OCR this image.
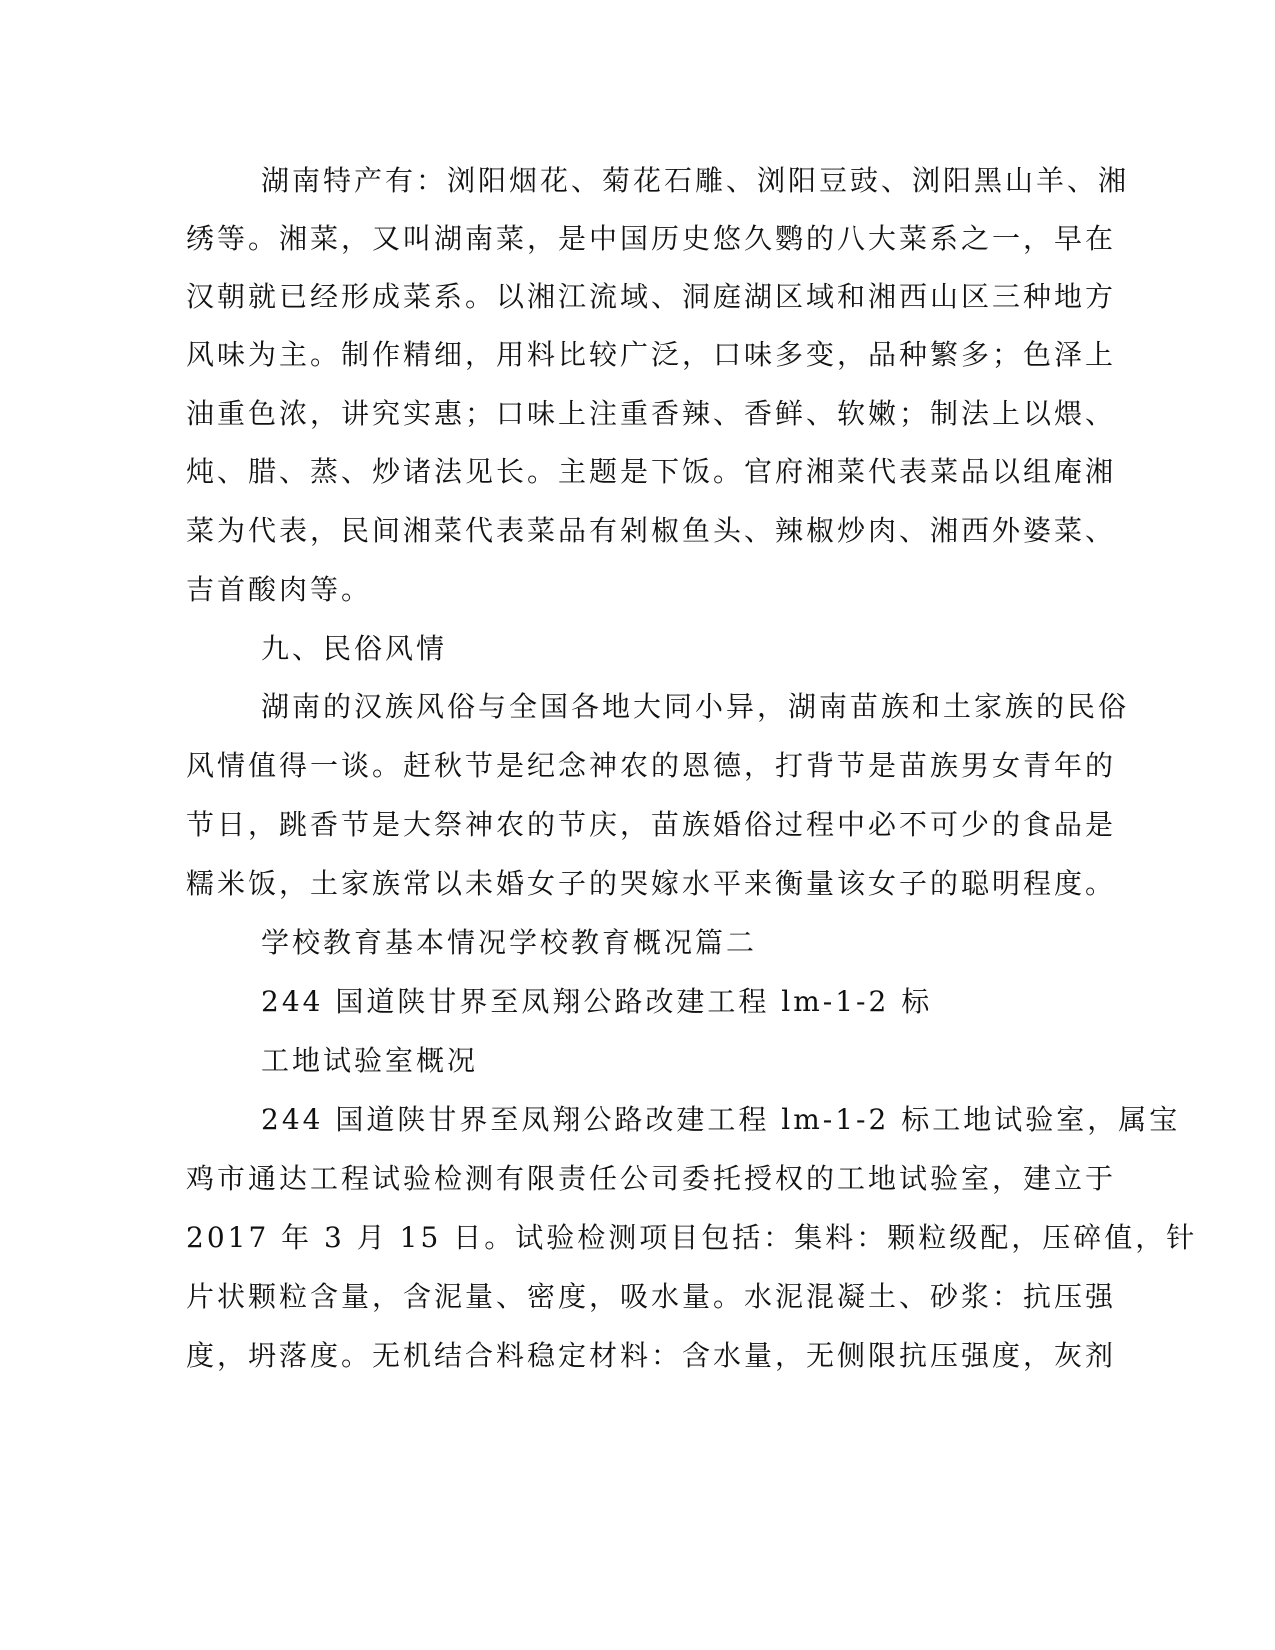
湖南特产有：浏阳烟花、菊花石雕、浏阳豆豉、浏阳黑山羊、湘
绣等。湘菜，又叫湖南菜，是中国历史悠久鹦的八大菜系之一，早在
汉朝就已经形成菜系。以湘江流域、洞庭湖区域和湘西山区三种地方
风味为主。制作精细，用料比较广泛，口味多变，品种繁多；色泽上
油重色浓，讲究实惠；口味上注重香辣、香鲜、软嫩；制法上以煨、
炖、腊、蒸、炒诸法见长。主题是下饭。官府湘菜代表菜品以组庵湘
菜为代表，民间湘菜代表菜品有剁椒鱼头、辣椒炒肉、湘西外婆菜、
吉首酸肉等。
九、民俗风情
湖南的汉族风俗与全国各地大同小异，湖南苗族和土家族的民俗
风情值得一谈。赶秋节是纪念神农的恩德，打背节是苗族男女青年的
节日，跳香节是大祭神农的节庆，苗族婚俗过程中必不可少的食品是
糯米饭，土家族常以未婚女子的哭嫁水平来衡量该女子的聪明程度。
学校教育基本情况学校教育概况篇二
244 国道陕甘界至凤翔公路改建工程 lm-1-2 标
工地试验室概况
244 国道陕甘界至凤翔公路改建工程 lm-1-2 标工地试验室，属宝
鸡市通达工程试验检测有限责任公司委托授权的工地试验室，建立于
2017 年 3 月 15 日。试验检测项目包括：集料：颗粒级配，压碎值，针
片状颗粒含量，含泥量、密度，吸水量。水泥混凝土、砂浆：抗压强
度，坍落度。无机结合料稳定材料：含水量，无侧限抗压强度，灰剂
